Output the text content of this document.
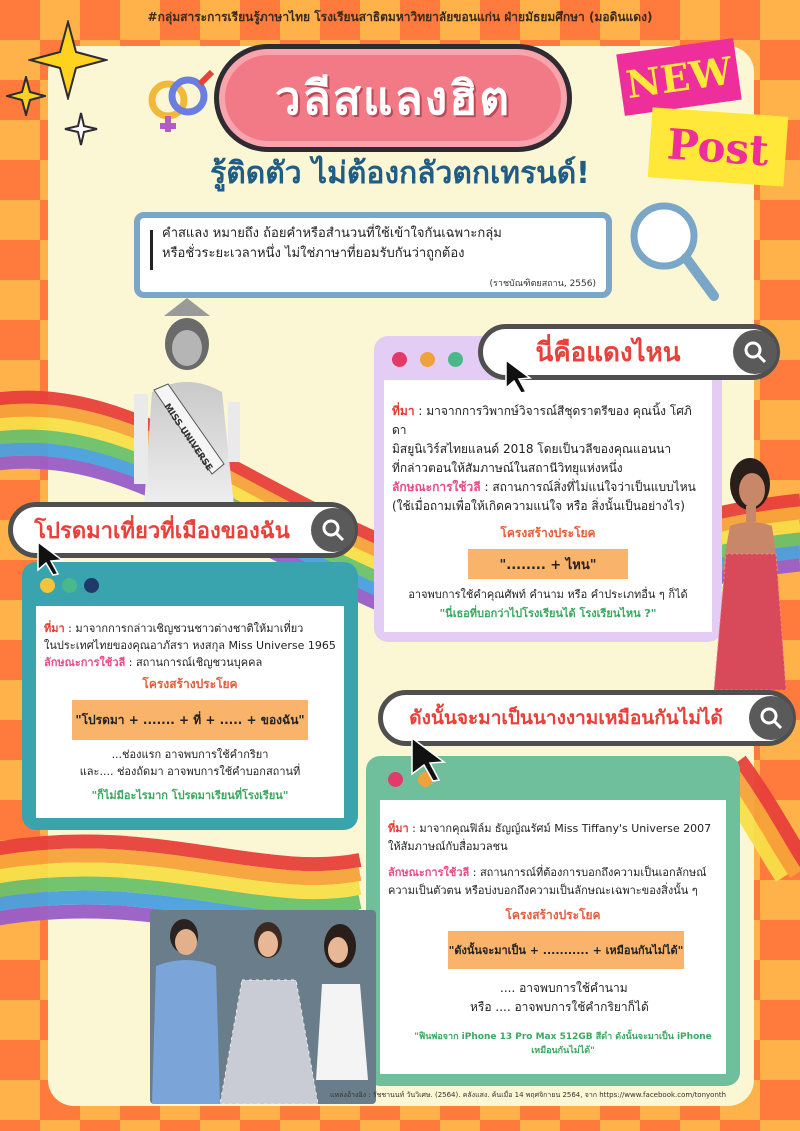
#กลุ่มสาระการเรียนรู้ภาษาไทย โรงเรียนสาธิตมหาวิทยาลัยขอนแก่น ฝ่ายมัธยมศึกษา (มอดินแดง)
วลีสแลงฮิต
รู้ติดตัว ไม่ต้องกลัวตกเทรนด์!
NEW
Post
คำสแลง หมายถึง ถ้อยคำหรือสำนวนที่ใช้เข้าใจกันเฉพาะกลุ่ม
หรือชั่วระยะเวลาหนึ่ง ไม่ใช่ภาษาที่ยอมรับกันว่าถูกต้อง
(ราชบัณฑิตยสถาน, 2556)
MISS UNIVERSE	ที่มา : มาจากการวิพากษ์วิจารณ์สีชุดราตรีของ คุณนิ้ง โศภิดา
มิสยูนิเวิร์สไทยแลนด์ 2018 โดยเป็นวลีของคุณแอนนา
ที่กล่าวตอนให้สัมภาษณ์ในสถานีวิทยุแห่งหนึ่ง
ลักษณะการใช้วลี : สถานการณ์สิ่งที่ไม่แน่ใจว่าเป็นแบบไหน
(ใช้เมื่อถามเพื่อให้เกิดความแน่ใจ หรือ สิ่งนั้นเป็นอย่างไร)
โครงสร้างประโยค
"........ + ไหน"
อาจพบการใช้คำคุณศัพท์ คำนาม หรือ คำประเภทอื่น ๆ ก็ได้
"นี่เธอที่บอกว่าไปโรงเรียนได้ โรงเรียนไหน ?"
นี่คือแดงไหน
ที่มา : มาจากการกล่าวเชิญชวนชาวต่างชาติให้มาเที่ยว
ในประเทศไทยของคุณอาภัสรา หงสกุล Miss Universe 1965
ลักษณะการใช้วลี : สถานการณ์เชิญชวนบุคคล
โครงสร้างประโยค
"โปรดมา + ....... + ที่ + ..... + ของฉัน"
...ช่องแรก อาจพบการใช้คำกริยา
และ.... ช่องถัดมา อาจพบการใช้คำบอกสถานที่
"ก็ไม่มีอะไรมาก โปรดมาเรียนที่โรงเรียน"
โปรดมาเที่ยวที่เมืองของฉัน
ที่มา : มาจากคุณฟิล์ม ธัญญ์ณรัศม์ Miss Tiffany's Universe 2007
ให้สัมภาษณ์กับสื่อมวลชน
ลักษณะการใช้วลี : สถานการณ์ที่ต้องการบอกถึงความเป็นเอกลักษณ์
ความเป็นตัวตน หรือบ่งบอกถึงความเป็นลักษณะเฉพาะของสิ่งนั้น ๆ
โครงสร้างประโยค
"ดังนั้นจะมาเป็น + ........... + เหมือนกันไม่ได้"
.... อาจพบการใช้คำนาม
หรือ .... อาจพบการใช้คำกริยาก็ได้
"ฟินพ่อจาก iPhone 13 Pro Max 512GB สีดำ ดังนั้นจะมาเป็น iPhone เหมือนกันไม่ได้"
ดังนั้นจะมาเป็นนางงามเหมือนกันไม่ได้
แหล่งอ้างอิง : รัชชานนท์ วันวิเศษ. (2564). คลังแสง. ค้นเมื่อ 14 พฤศจิกายน 2564, จาก https://www.facebook.com/tonyonth
